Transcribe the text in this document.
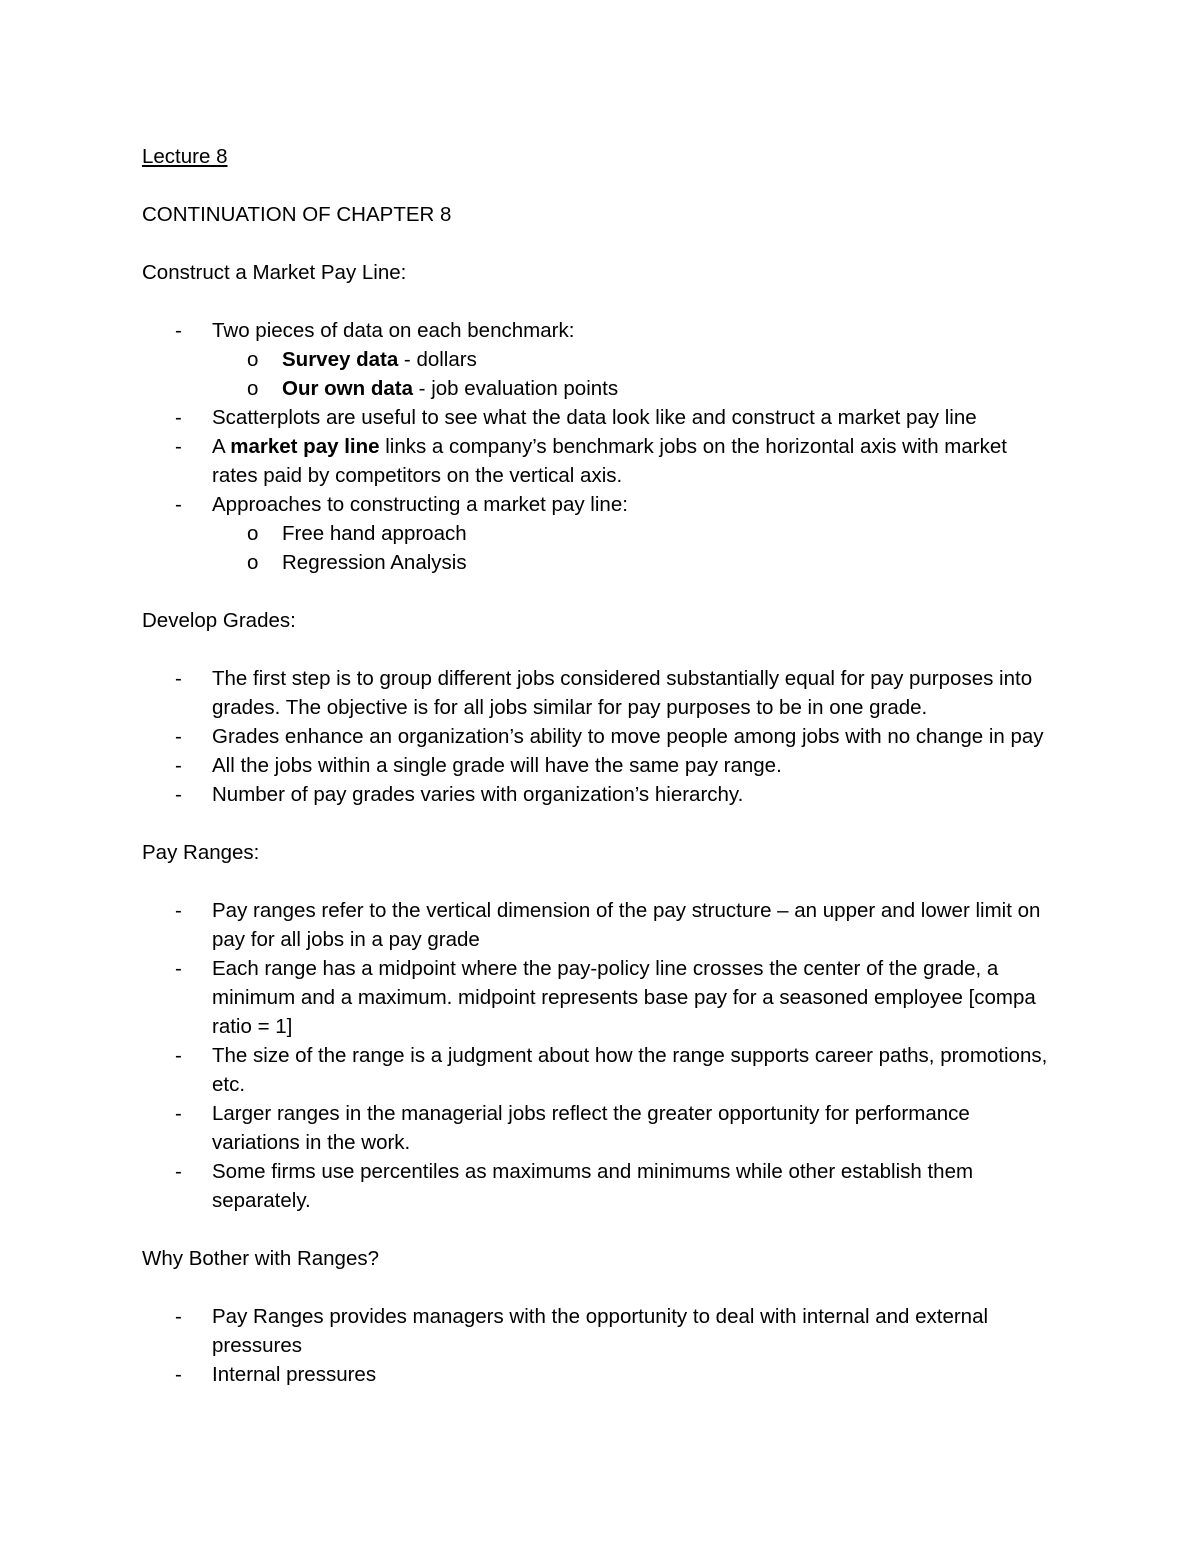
Lecture 8

CONTINUATION OF CHAPTER 8

Construct a Market Pay Line:

-	Two pieces of data on each benchmark:
o Survey data - dollars
o Our own data - job evaluation points
-	Scatterplots are useful to see what the data look like and construct a market pay line
-	A market pay line links a company’s benchmark jobs on the horizontal axis with market rates paid by competitors on the vertical axis.
-	Approaches to constructing a market pay line:
o Free hand approach
o Regression Analysis

Develop Grades:

-	The first step is to group different jobs considered substantially equal for pay purposes into grades. The objective is for all jobs similar for pay purposes to be in one grade.
-	Grades enhance an organization’s ability to move people among jobs with no change in pay
-	All the jobs within a single grade will have the same pay range.
-	Number of pay grades varies with organization’s hierarchy.

Pay Ranges:

-	Pay ranges refer to the vertical dimension of the pay structure – an upper and lower limit on pay for all jobs in a pay grade
-	Each range has a midpoint where the pay-policy line crosses the center of the grade, a minimum and a maximum. midpoint represents base pay for a seasoned employee [compa ratio = 1]
-	The size of the range is a judgment about how the range supports career paths, promotions, etc.
-	Larger ranges in the managerial jobs reflect the greater opportunity for performance variations in the work.
-	Some firms use percentiles as maximums and minimums while other establish them separately.

Why Bother with Ranges?

-	Pay Ranges provides managers with the opportunity to deal with internal and external pressures
-	Internal pressures
